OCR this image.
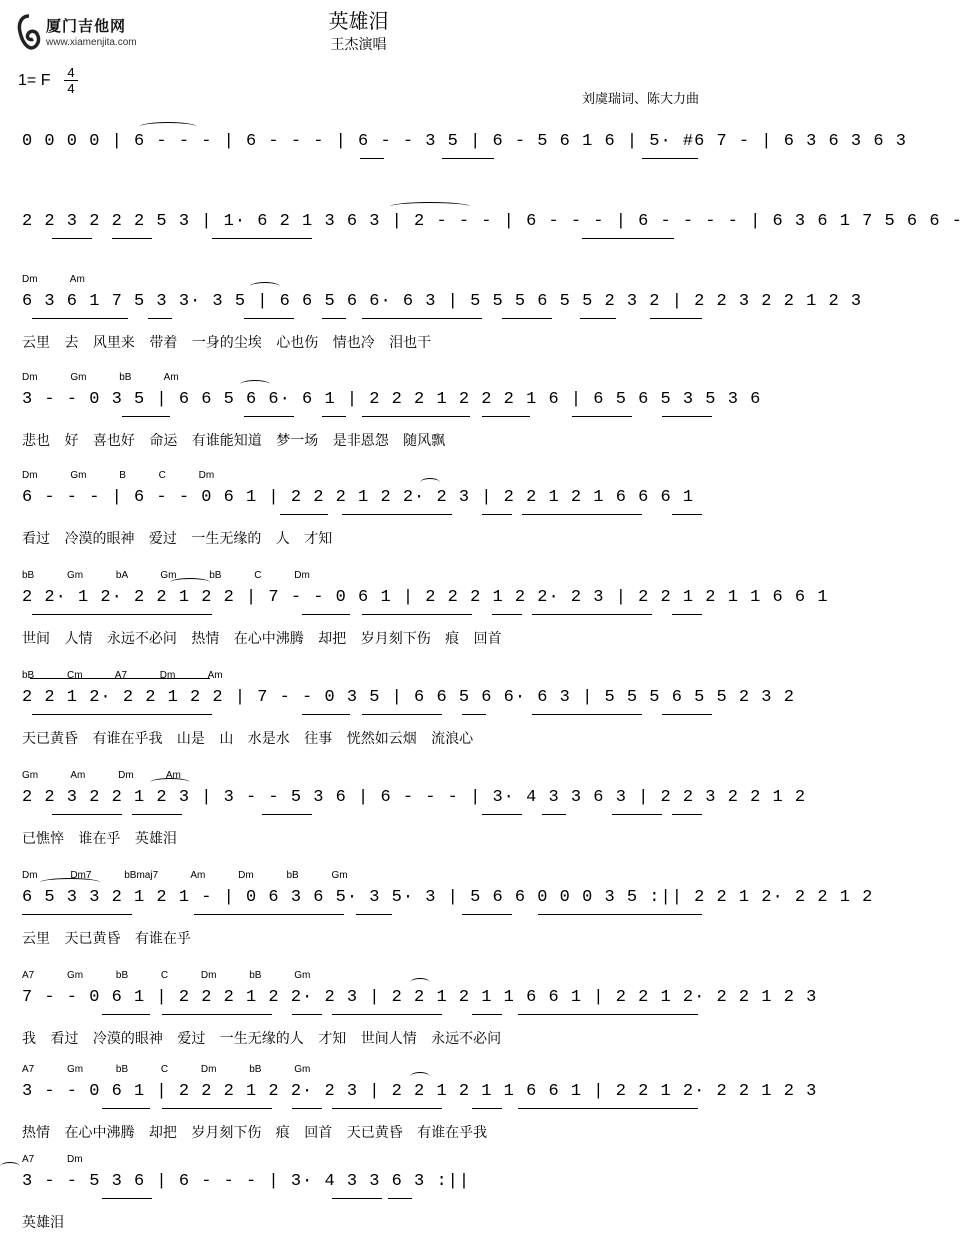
厦门吉他网
www.xiamenjita.com
英雄泪
王杰演唱
1= F 4
4
刘虞瑞词、陈大力曲
0 0 0 0 | 6 - - - | 6 - - - | 6 - - 3 5 | 6 - 5 6 1 6 | 5· #6 7 - | 6 3 6 3 6 3
2 2 3 2 2 2 5 3 | 1· 6 2 1 3 6 3 | 2 - - - | 6 - - - | 6 - - - - | 6 3 6 1 7 5 6 6 -
Dm Am
6 3 6 1 7 5 3 3· 3 5 | 6 6 5 6 6· 6 3 | 5 5 5 6 5 5 2 3 2 | 2 2 3 2 2 1 2 3
云里 去 风里来 带着 一身的尘埃 心也伤 情也冷 泪也干
Dm Gm bB Am
3 - - 0 3 5 | 6 6 5 6 6· 6 1 | 2 2 2 1 2 2 2 1 6 | 6 5 6 5 3 5 3 6
悲也 好 喜也好 命运 有谁能知道 梦一场 是非恩怨 随风飘
Dm Gm B C Dm
6 - - - | 6 - - 0 6 1 | 2 2 2 1 2 2· 2 3 | 2 2 1 2 1 6 6 6 1
看过 冷漠的眼神 爱过 一生无缘的 人 才知
bB Gm bA Gm bB C Dm
2 2· 1 2· 2 2 1 2 2 | 7 - - 0 6 1 | 2 2 2 1 2 2· 2 3 | 2 2 1 2 1 1 6 6 1
世间 人情 永远不必问 热情 在心中沸腾 却把 岁月刻下伤 痕 回首
bB Cm A7 Dm Am
2 2 1 2· 2 2 1 2 2 | 7 - - 0 3 5 | 6 6 5 6 6· 6 3 | 5 5 5 6 5 5 2 3 2
天已黄昏 有谁在乎我 山是 山 水是水 往事 恍然如云烟 流浪心
Gm Am Dm Am
2 2 3 2 2 1 2 3 | 3 - - 5 3 6 | 6 - - - | 3· 4 3 3 6 3 | 2 2 3 2 2 1 2
已憔悴 谁在乎 英雄泪
Dm Dm7 bBmaj7 Am Dm bB Gm
6 5 3 3 2 1 2 1 - | 0 6 3 6 5· 3 5· 3 | 5 6 6 0 0 0 3 5 :|| 2 2 1 2· 2 2 1 2
云里 天已黄昏 有谁在乎
A7 Gm bB C Dm bB Gm
7 - - 0 6 1 | 2 2 2 1 2 2· 2 3 | 2 2 1 2 1 1 6 6 1 | 2 2 1 2· 2 2 1 2 3
我 看过 冷漠的眼神 爱过 一生无缘的人 才知 世间人情 永远不必问
A7 Gm bB C Dm bB Gm
3 - - 0 6 1 | 2 2 2 1 2 2· 2 3 | 2 2 1 2 1 1 6 6 1 | 2 2 1 2· 2 2 1 2 3
热情 在心中沸腾 却把 岁月刻下伤 痕 回首 天已黄昏 有谁在乎我
A7 Dm
3 - - 5 3 6 | 6 - - - | 3· 4 3 3 6 3 :||
英雄泪
